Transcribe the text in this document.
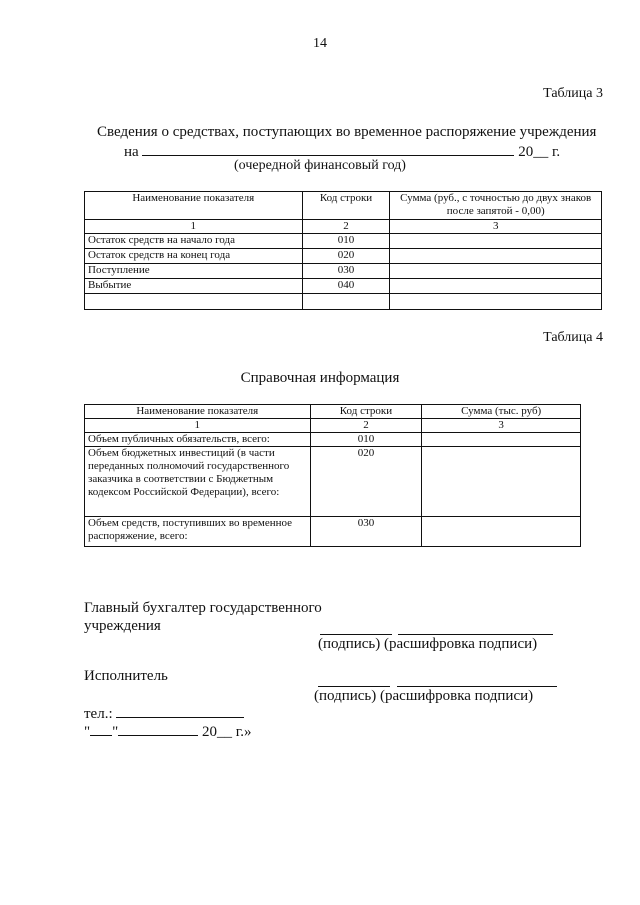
14
Таблица 3
Сведения о средствах, поступающих во временное распоряжение учреждения
на	20__ г.
(очередной финансовый год)
Наименование показателя	Код строки	Сумма (руб., с точностью до двух знаков после запятой - 0,00)
1	2	3
Остаток средств на начало года	010	
Остаток средств на конец года	020	
Поступление	030	
Выбытие	040	

Таблица 4
Справочная информация
Наименование показателя	Код строки	Сумма (тыс. руб)
1	2	3
Объем публичных обязательств, всего:	010	
Объем бюджетных инвестиций (в части переданных полномочий государственного заказчика в соответствии с Бюджетным кодексом Российской Федерации), всего:	020	
Объем средств, поступивших во временное распоряжение, всего:	030	
Главный бухгалтер государственного
учреждения
(подпись) (расшифровка подписи)
Исполнитель
(подпись) (расшифровка подписи)
тел.:
" "	20__ г.»
